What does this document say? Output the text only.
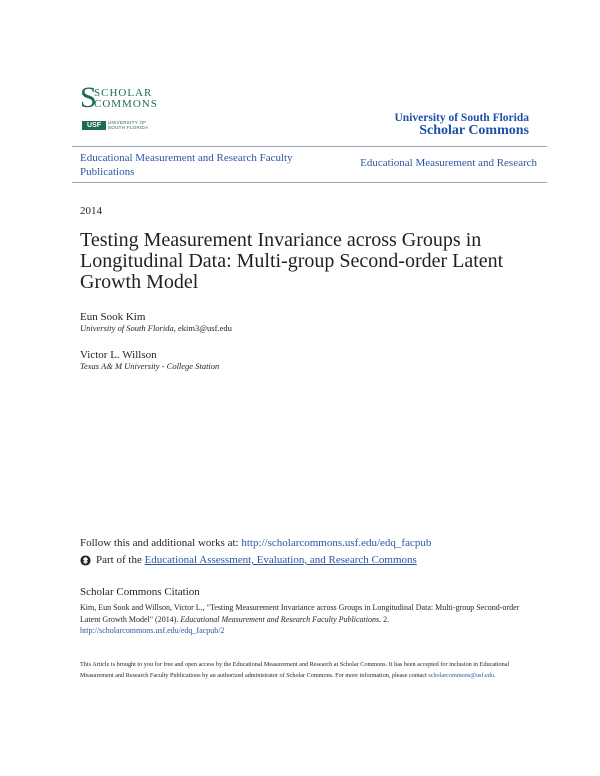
S
SCHOLAR
COMMONS
USF	UNIVERSITY OF
SOUTH FLORIDA
University of South Florida
Scholar Commons
Educational Measurement and Research Faculty Publications
Educational Measurement and Research
2014
Testing Measurement Invariance across Groups in Longitudinal Data: Multi-group Second-order Latent Growth Model
Eun Sook Kim
University of South Florida, ekim3@usf.edu
Victor L. Willson
Texas A& M University - College Station
Follow this and additional works at: http://scholarcommons.usf.edu/edq_facpub
Part of the Educational Assessment, Evaluation, and Research Commons
Scholar Commons Citation
Kim, Eun Sook and Willson, Victor L., "Testing Measurement Invariance across Groups in Longitudinal Data: Multi-group Second-order Latent Growth Model" (2014). Educational Measurement and Research Faculty Publications. 2.
http://scholarcommons.usf.edu/edq_facpub/2
This Article is brought to you for free and open access by the Educational Measurement and Research at Scholar Commons. It has been accepted for inclusion in Educational Measurement and Research Faculty Publications by an authorized administrator of Scholar Commons. For more information, please contact scholarcommons@usf.edu.
